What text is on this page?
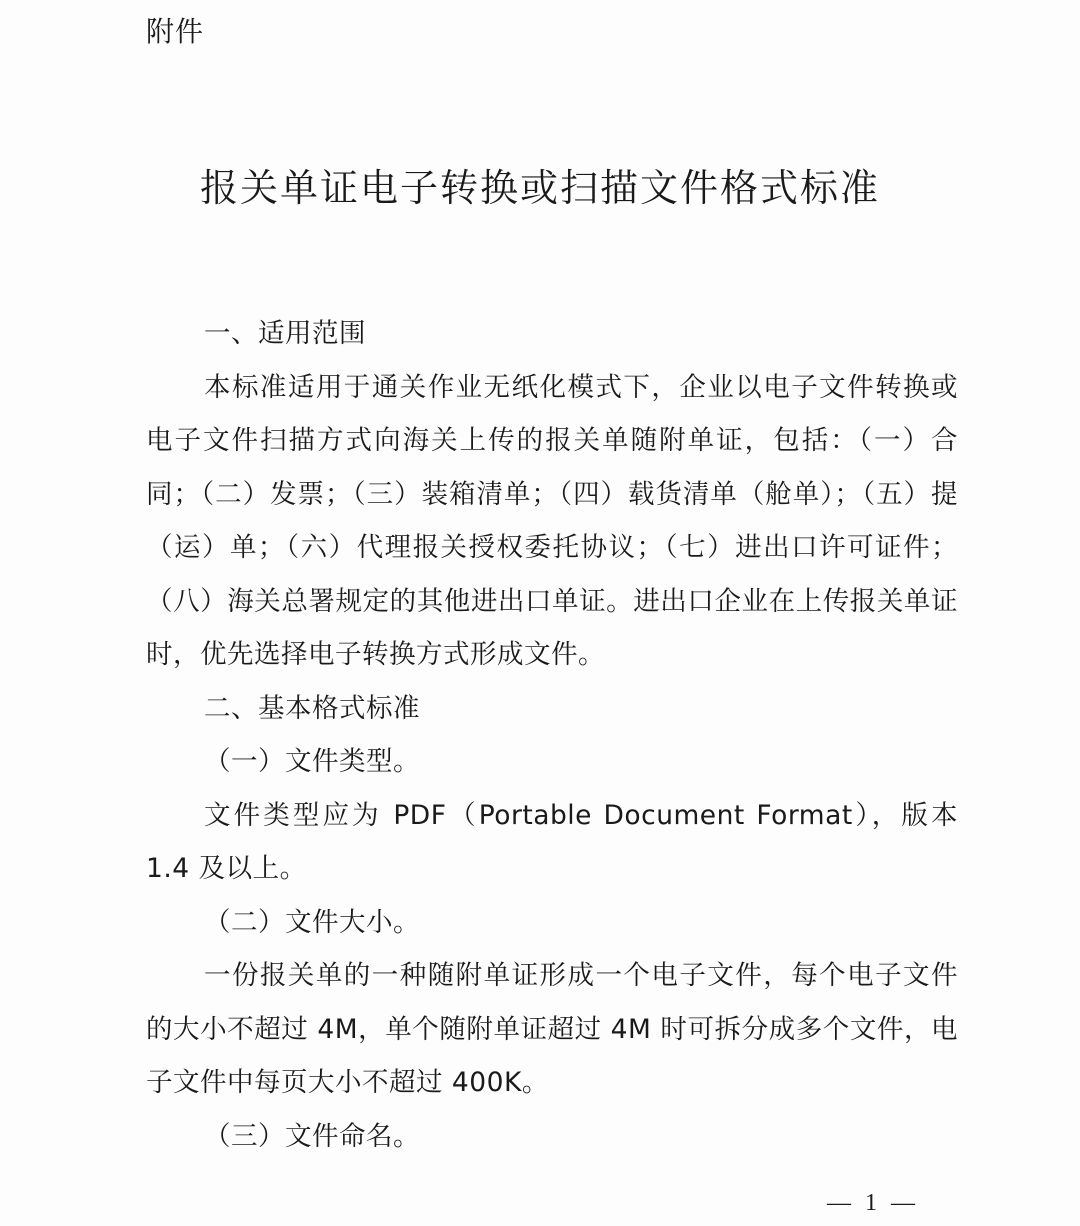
附件
报关单证电子转换或扫描文件格式标准

一、适用范围

本标准适用于通关作业无纸化模式下，企业以电子文件转换或电子文件扫描方式向海关上传的报关单随附单证，包括：（一）合同；（二）发票；（三）装箱清单；（四）载货清单（舱单）；（五）提（运）单；（六）代理报关授权委托协议；（七）进出口许可证件；（八）海关总署规定的其他进出口单证。进出口企业在上传报关单证时，优先选择电子转换方式形成文件。

二、基本格式标准

（一）文件类型。

文件类型应为 PDF（Portable Document Format），版本 1.4 及以上。

（二）文件大小。

一份报关单的一种随附单证形成一个电子文件，每个电子文件的大小不超过 4M，单个随附单证超过 4M 时可拆分成多个文件，电子文件中每页大小不超过 400K。

（三）文件命名。

— 1 —
